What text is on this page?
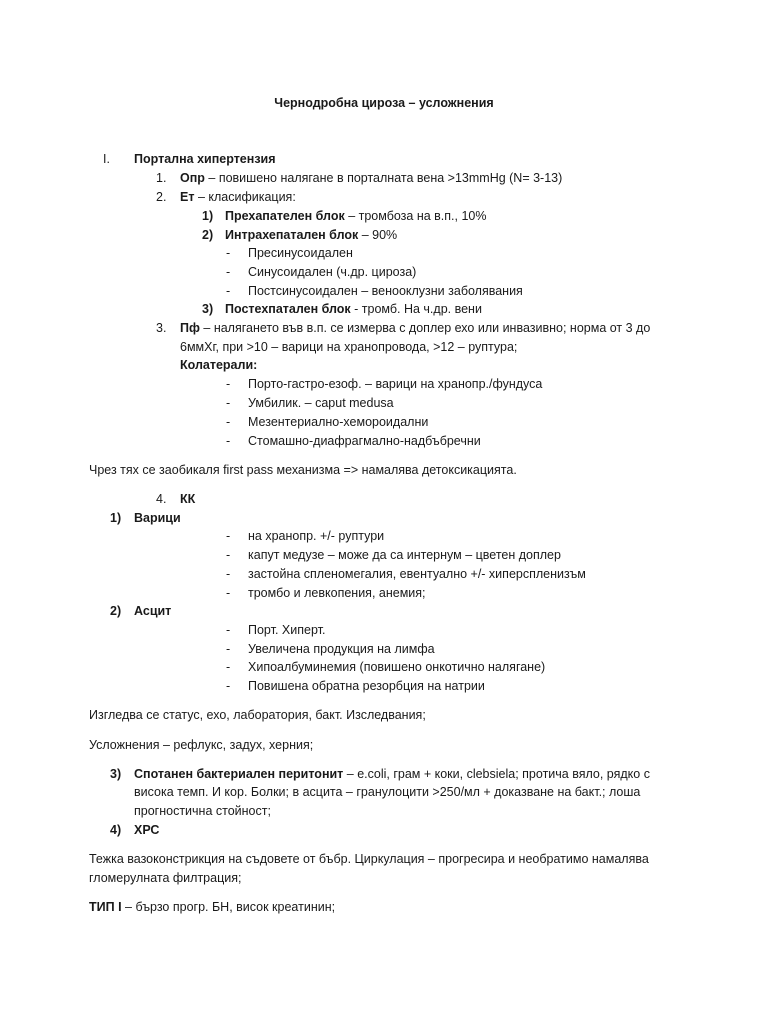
Чернодробна цироза – усложнения
I. Портална хипертензия
1. Опр – повишено налягане в порталната вена >13mmHg (N= 3-13)
2. Ет – класификация:
1) Прехапателен блок – тромбоза на в.п., 10%
2) Интрахепатален блок – 90%
- Пресинусоидален
- Синусоидален (ч.др. цироза)
- Постсинусоидален – венооклузни заболявания
3) Постехпатален блок - тромб. На ч.др. вени
3. Пф – налягането във в.п. се измерва с доплер ехо или инвазивно; норма от 3 до
6ммХг, при >10 – варици на хранопровода, >12 – руптура;
Колатерали:
- Порто-гастро-езоф. – варици на хранопр./фундуса
- Умбилик. – caput medusa
- Мезентериално-хемороидални
- Стомашно-диафрагмално-надбъбречни
Чрез тях се заобикаля first pass механизма => намалява детоксикацията.
4. КК
1) Варици
- на хранопр. +/- руптури
- капут медузе – може да са интернум – цветен доплер
- застойна спленомегалия, евентуално +/- хиперспленизъм
- тромбо и левкопения, анемия;
2) Асцит
- Порт. Хиперт.
- Увеличена продукция на лимфа
- Хипоалбуминемия (повишено онкотично налягане)
- Повишена обратна резорбция на натрии
Изгледва се статус, ехо, лаборатория, бакт. Изследвания;
Усложнения – рефлукс, задух, херния;
3) Спотанен бактериален перитонит – e.coli, грам + коки, clebsiela; протича вяло, рядко с
висока темп. И кор. Болки; в асцита – гранулоцити >250/мл + доказване на бакт.; лоша
прогностична стойност;
4) ХРС
Тежка вазоконстрикция на съдовете от бъбр. Циркулация – прогресира и необратимо намалява
гломерулната филтрация;
ТИП I – бързо прогр. БН, висок креатинин;
